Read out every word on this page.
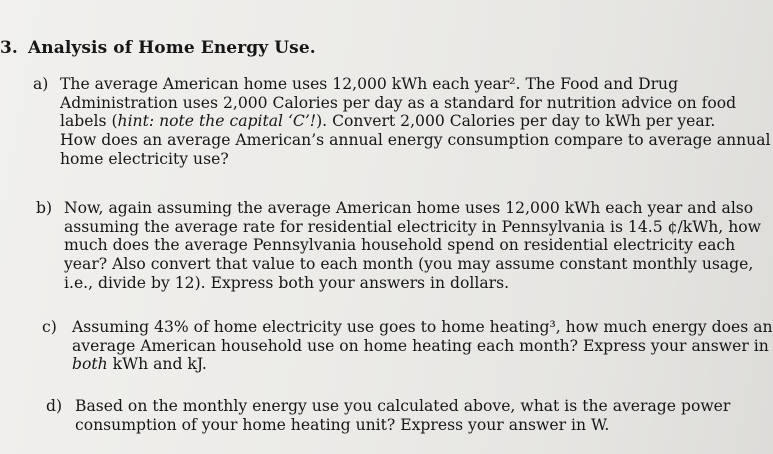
3. Analysis of Home Energy Use.
a) The average American home uses 12,000 kWh each year². The Food and Drug
Administration uses 2,000 Calories per day as a standard for nutrition advice on food
labels (hint: note the capital ‘C’!). Convert 2,000 Calories per day to kWh per year.
How does an average American’s annual energy consumption compare to average annual
home electricity use?
b) Now, again assuming the average American home uses 12,000 kWh each year and also
assuming the average rate for residential electricity in Pennsylvania is 14.5 ¢/kWh, how
much does the average Pennsylvania household spend on residential electricity each
year? Also convert that value to each month (you may assume constant monthly usage,
i.e., divide by 12). Express both your answers in dollars.
c) Assuming 43% of home electricity use goes to home heating³, how much energy does an
average American household use on home heating each month? Express your answer in
both kWh and kJ.
d) Based on the monthly energy use you calculated above, what is the average power
consumption of your home heating unit? Express your answer in W.
